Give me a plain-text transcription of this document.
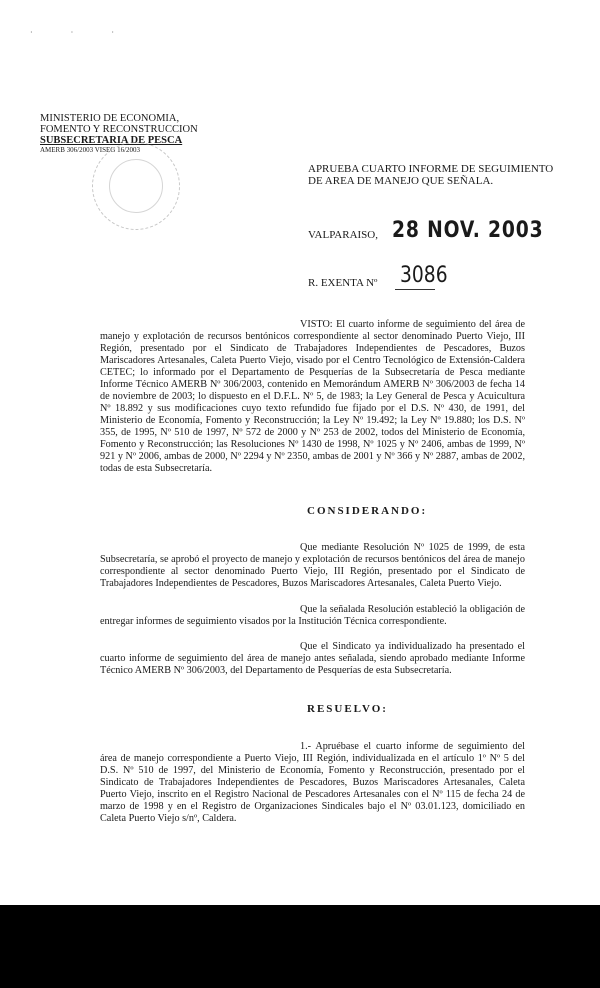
· · ·
MINISTERIO DE ECONOMIA,
FOMENTO Y RECONSTRUCCION
SUBSECRETARIA DE PESCA
AMERB 306/2003 VISEG 16/2003
APRUEBA CUARTO INFORME DE SEGUIMIENTO
DE AREA DE MANEJO QUE SEÑALA.
VALPARAISO, 28 NOV. 2003
R. EXENTA Nº 3086
VISTO: El cuarto informe de seguimiento del área de manejo y explotación de recursos bentónicos correspondiente al sector denominado Puerto Viejo, III Región, presentado por el Sindicato de Trabajadores Independientes de Pescadores, Buzos Mariscadores Artesanales, Caleta Puerto Viejo, visado por el Centro Tecnológico de Extensión-Caldera CETEC; lo informado por el Departamento de Pesquerías de la Subsecretaría de Pesca mediante Informe Técnico AMERB Nº 306/2003, contenido en Memorándum AMERB Nº 306/2003 de fecha 14 de noviembre de 2003; lo dispuesto en el D.F.L. Nº 5, de 1983; la Ley General de Pesca y Acuicultura Nº 18.892 y sus modificaciones cuyo texto refundido fue fijado por el D.S. Nº 430, de 1991, del Ministerio de Economía, Fomento y Reconstrucción; la Ley Nº 19.492; la Ley Nº 19.880; los D.S. Nº 355, de 1995, Nº 510 de 1997, Nº 572 de 2000 y Nº 253 de 2002, todos del Ministerio de Economía, Fomento y Reconstrucción; las Resoluciones Nº 1430 de 1998, Nº 1025 y Nº 2406, ambas de 1999, Nº 921 y Nº 2006, ambas de 2000, Nº 2294 y Nº 2350, ambas de 2001 y Nº 366 y Nº 2887, ambas de 2002, todas de esta Subsecretaría.
CONSIDERANDO:
Que mediante Resolución Nº 1025 de 1999, de esta Subsecretaría, se aprobó el proyecto de manejo y explotación de recursos bentónicos del área de manejo correspondiente al sector denominado Puerto Viejo, III Región, presentado por el Sindicato de Trabajadores Independientes de Pescadores, Buzos Mariscadores Artesanales, Caleta Puerto Viejo.
Que la señalada Resolución estableció la obligación de entregar informes de seguimiento visados por la Institución Técnica correspondiente.
Que el Sindicato ya individualizado ha presentado el cuarto informe de seguimiento del área de manejo antes señalada, siendo aprobado mediante Informe Técnico AMERB Nº 306/2003, del Departamento de Pesquerías de esta Subsecretaría.
RESUELVO:
1.- Apruébase el cuarto informe de seguimiento del área de manejo correspondiente a Puerto Viejo, III Región, individualizada en el artículo 1º Nº 5 del D.S. Nº 510 de 1997, del Ministerio de Economía, Fomento y Reconstrucción, presentado por el Sindicato de Trabajadores Independientes de Pescadores, Buzos Mariscadores Artesanales, Caleta Puerto Viejo, inscrito en el Registro Nacional de Pescadores Artesanales con el Nº 115 de fecha 24 de marzo de 1998 y en el Registro de Organizaciones Sindicales bajo el Nº 03.01.123, domiciliado en Caleta Puerto Viejo s/nº, Caldera.
